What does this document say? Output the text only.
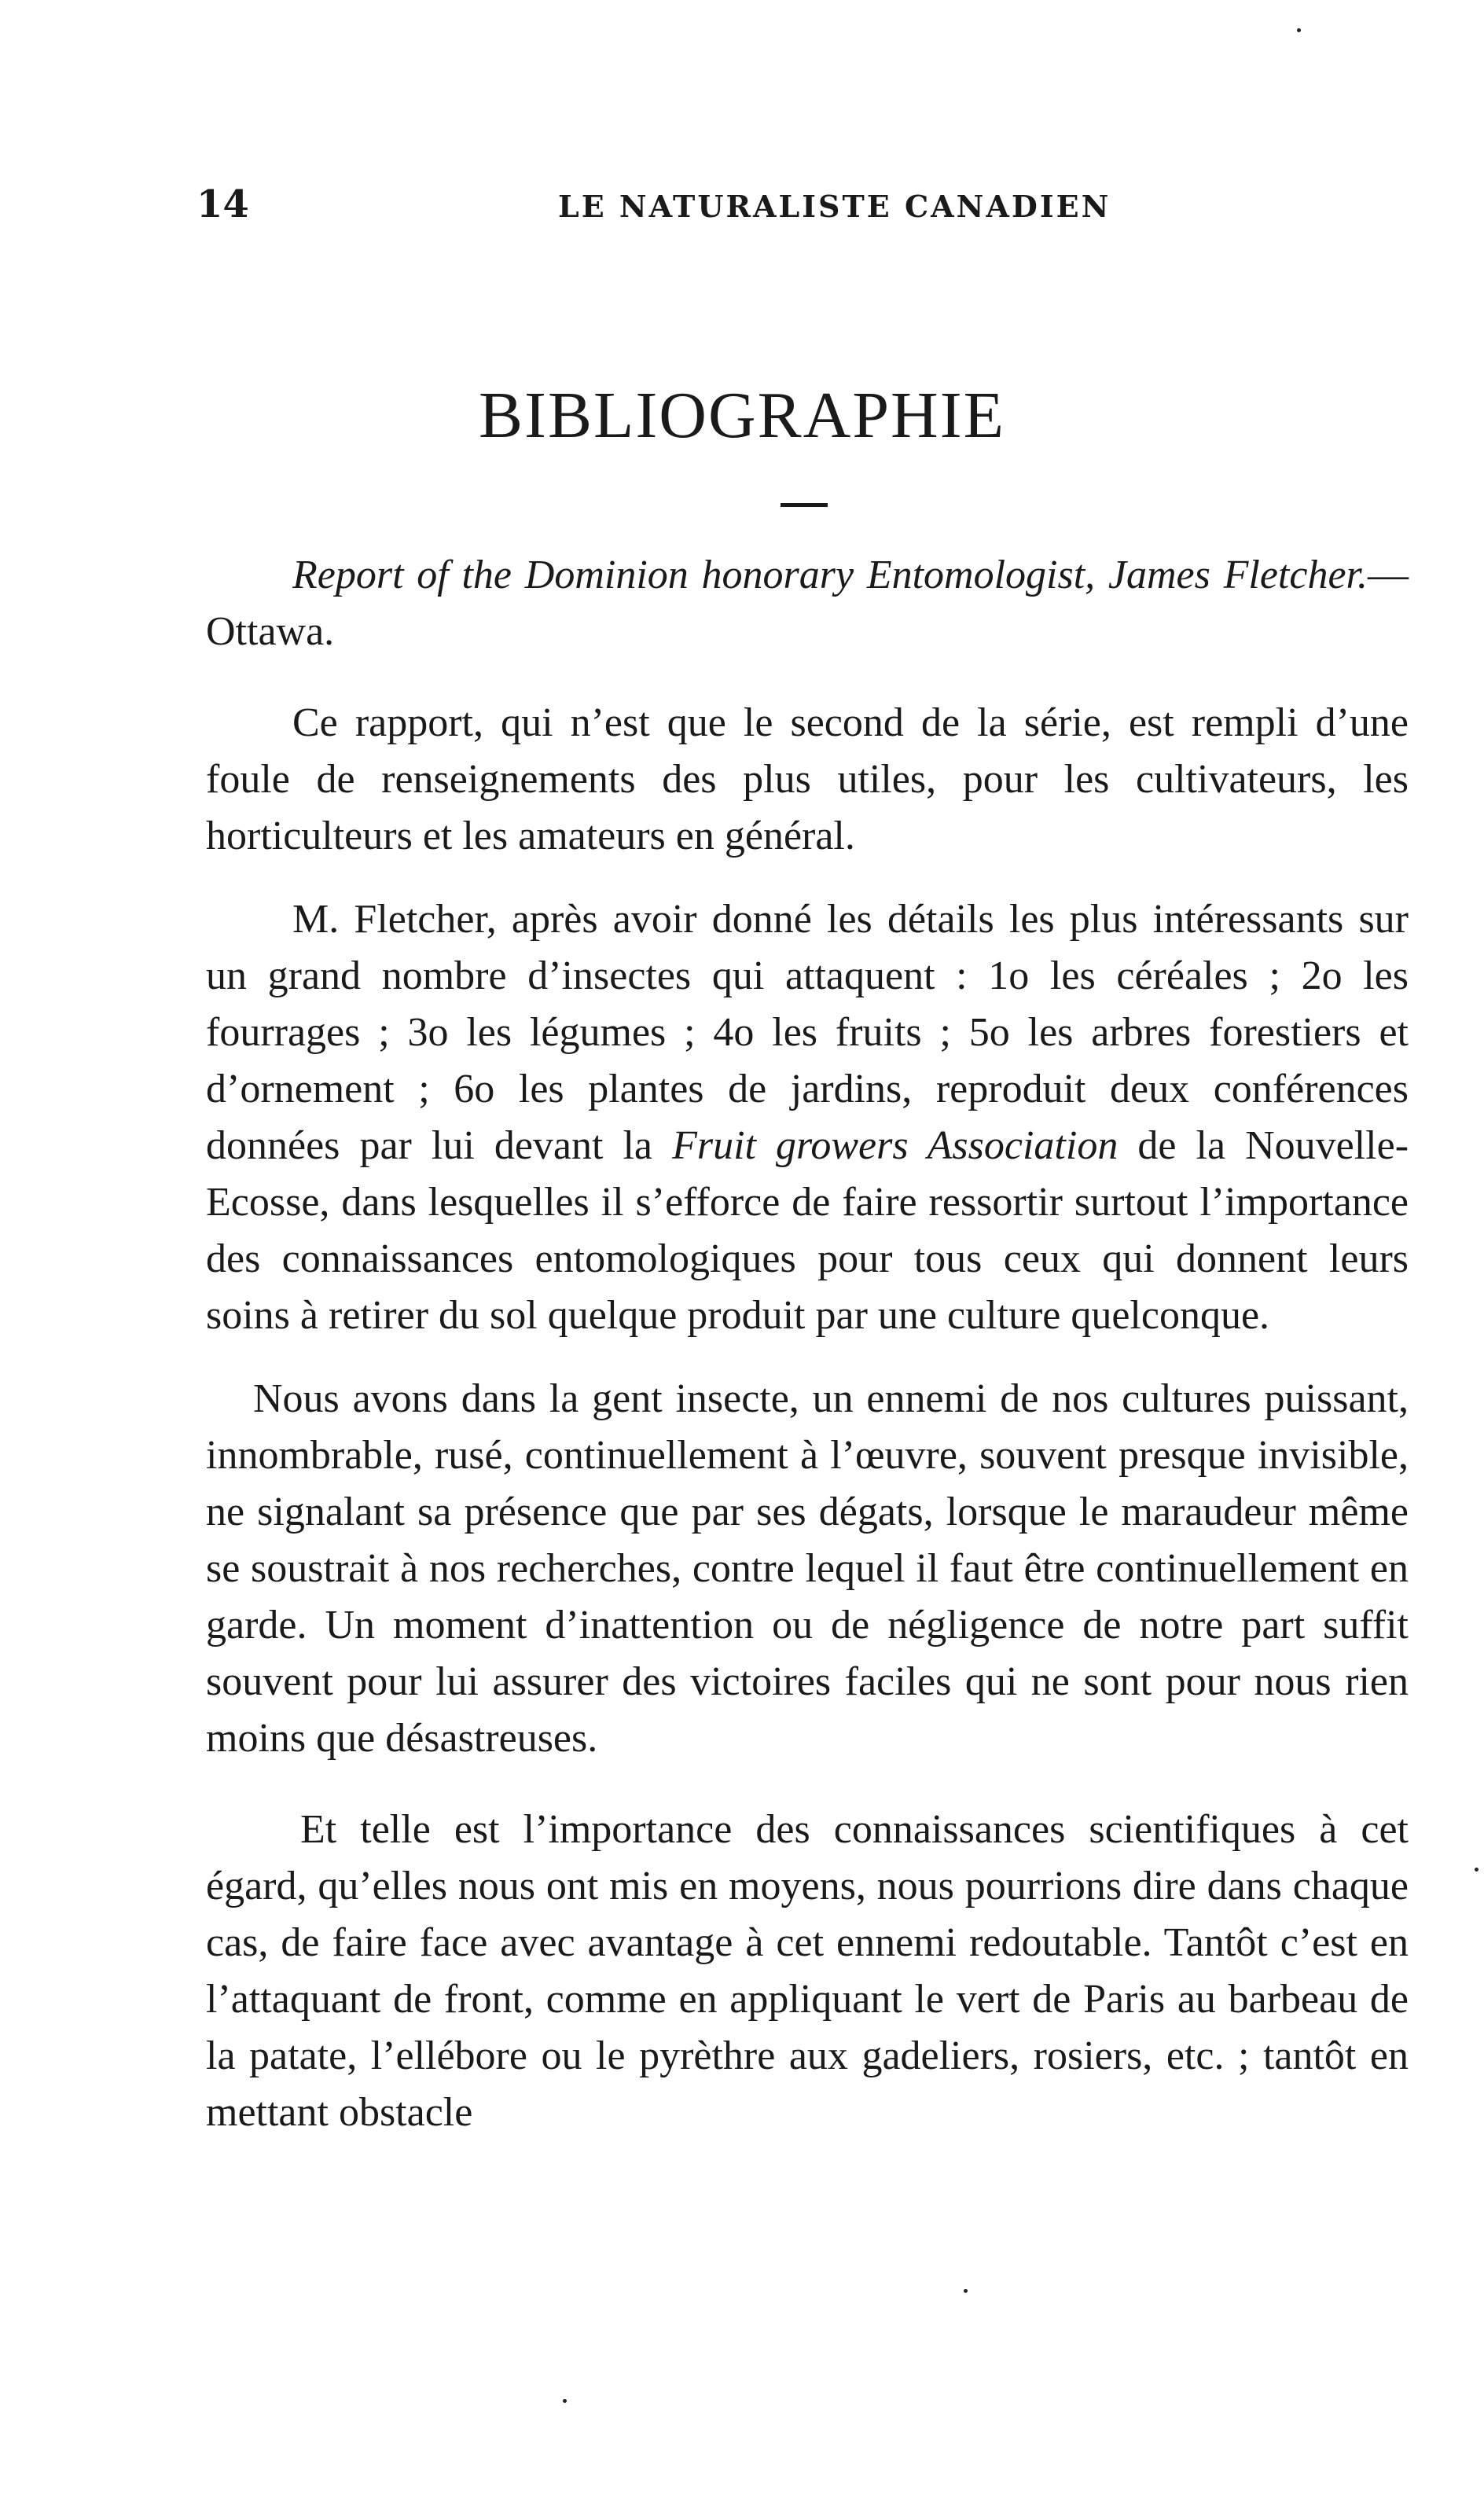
14	LE NATURALISTE CANADIEN
BIBLIOGRAPHIE

Report of the Dominion honorary Entomologist, James Fletcher.—Ottawa.

Ce rapport, qui n’est que le second de la série, est rempli d’une foule de renseignements des plus utiles, pour les cultivateurs, les horticulteurs et les amateurs en général.

M. Fletcher, après avoir donné les détails les plus intéressants sur un grand nombre d’insectes qui attaquent : 1o les céréales ; 2o les fourrages ; 3o les légumes ; 4o les fruits ; 5o les arbres forestiers et d’ornement ; 6o les plantes de jardins, reproduit deux conférences données par lui devant la Fruit growers Association de la Nouvelle-Ecosse, dans lesquelles il s’efforce de faire ressortir surtout l’importance des connaissances entomologiques pour tous ceux qui donnent leurs soins à retirer du sol quelque produit par une culture quelconque.

Nous avons dans la gent insecte, un ennemi de nos cultures puissant, innombrable, rusé, continuellement à l’œuvre, souvent presque invisible, ne signalant sa présence que par ses dégats, lorsque le maraudeur même se soustrait à nos recherches, contre lequel il faut être continuellement en garde. Un moment d’inattention ou de négligence de notre part suffit souvent pour lui assurer des victoires faciles qui ne sont pour nous rien moins que désastreuses.

Et telle est l’importance des connaissances scientifiques à cet égard, qu’elles nous ont mis en moyens, nous pourrions dire dans chaque cas, de faire face avec avantage à cet ennemi redoutable. Tantôt c’est en l’attaquant de front, comme en appliquant le vert de Paris au barbeau de la patate, l’ellébore ou le pyrèthre aux gadeliers, rosiers, etc. ; tantôt en mettant obstacle
